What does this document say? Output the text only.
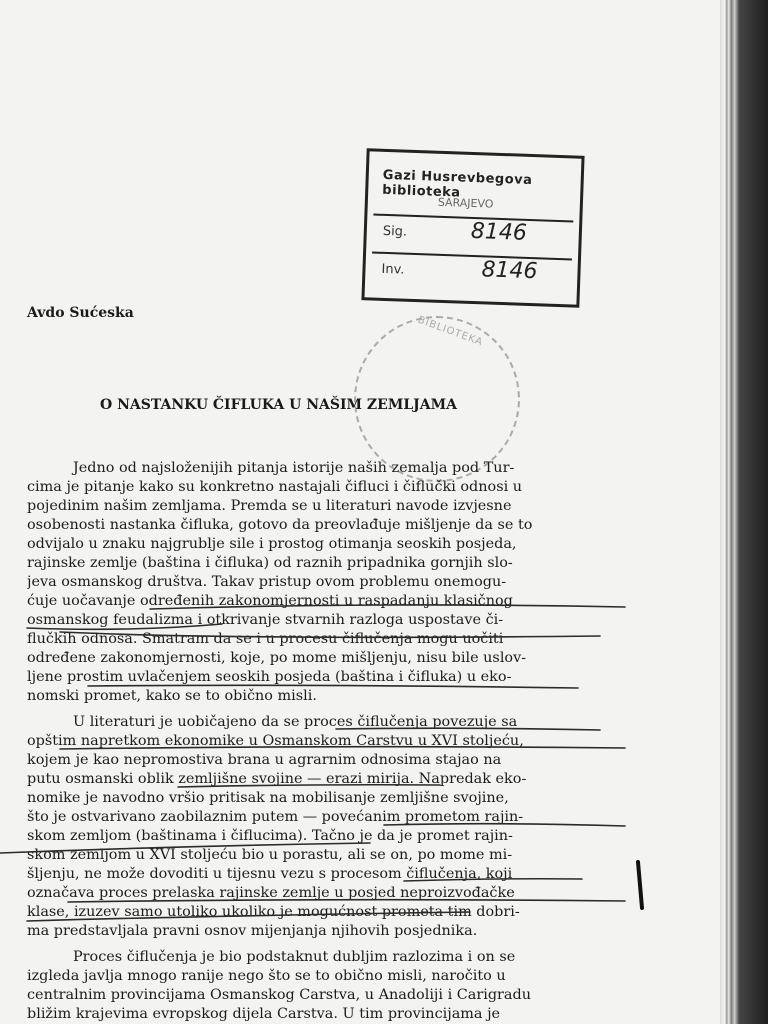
Gazi Husrevbegova biblioteka
SARAJEVO
Sig.	8146
Inv.	8146
BIBLIOTEKA
Avdo Sućeska
O NASTANKU ČIFLUKA U NAŠIM ZEMLJAMA
Jedno od najsloženijih pitanja istorije naših zemalja pod Tur-
cima je pitanje kako su konkretno nastajali čifluci i čiflučki odnosi u
pojedinim našim zemljama. Premda se u literaturi navode izvjesne
osobenosti nastanka čifluka, gotovo da preovlađuje mišljenje da se to
odvijalo u znaku najgrublje sile i prostog otimanja seoskih posjeda,
rajinske zemlje (baština i čifluka) od raznih pripadnika gornjih slo-
jeva osmanskog društva. Takav pristup ovom problemu onemogu-
ćuje uočavanje određenih zakonomjernosti u raspadanju klasičnog
osmanskog feudalizma i otkrivanje stvarnih razloga uspostave či-
flučkih odnosa. Smatram da se i u procesu čiflučenja mogu uočiti
određene zakonomjernosti, koje, po mome mišljenju, nisu bile uslov-
ljene prostim uvlačenjem seoskih posjeda (baština i čifluka) u eko-
nomski promet, kako se to obično misli.
U literaturi je uobičajeno da se proces čiflučenja povezuje sa
opštim napretkom ekonomike u Osmanskom Carstvu u XVI stoljeću,
kojem je kao nepromostiva brana u agrarnim odnosima stajao na
putu osmanski oblik zemljišne svojine — erazi mirija. Napredak eko-
nomike je navodno vršio pritisak na mobilisanje zemljišne svojine,
što je ostvarivano zaobilaznim putem — povećanim prometom rajin-
skom zemljom (baštinama i čiflucima). Tačno je da je promet rajin-
skom zemljom u XVI stoljeću bio u porastu, ali se on, po mome mi-
šljenju, ne može dovoditi u tijesnu vezu s procesom čiflučenja, koji
označava proces prelaska rajinske zemlje u posjed neproizvođačke
klase, izuzev samo utoliko ukoliko je mogućnost prometa tim dobri-
ma predstavljala pravni osnov mijenjanja njihovih posjednika.
Proces čiflučenja je bio podstaknut dubljim razlozima i on se
izgleda javlja mnogo ranije nego što se to obično misli, naročito u
centralnim provincijama Osmanskog Carstva, u Anadoliji i Carigradu
bližim krajevima evropskog dijela Carstva. U tim provincijama je
